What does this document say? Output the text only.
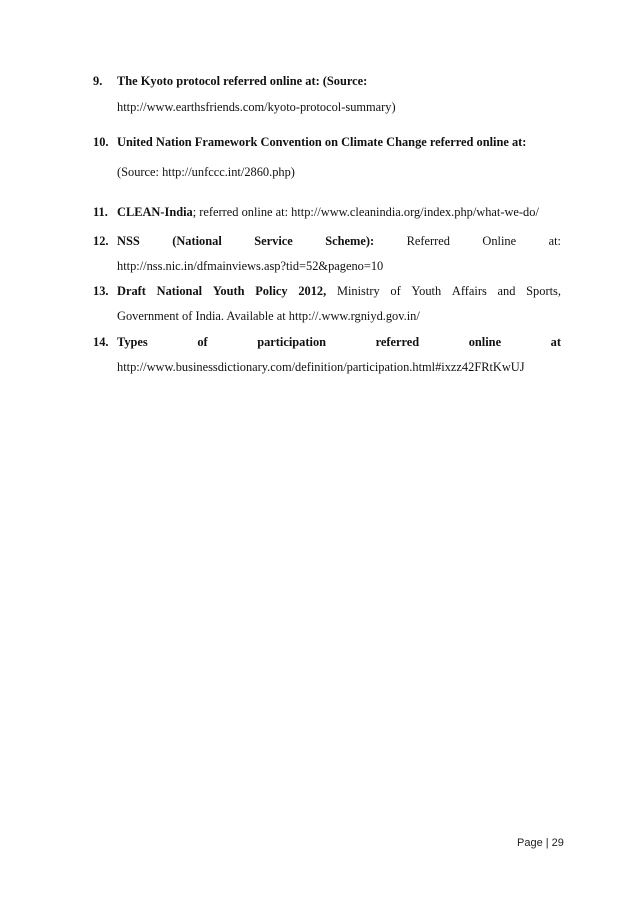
9. The Kyoto protocol referred online at: (Source:
http://www.earthsfriends.com/kyoto-protocol-summary)
10. United Nation Framework Convention on Climate Change referred online at:
(Source: http://unfccc.int/2860.php)
11. CLEAN-India; referred online at: http://www.cleanindia.org/index.php/what-we-do/
12. NSS	(National	Service	Scheme):	Referred	Online	at:
http://nss.nic.in/dfmainviews.asp?tid=52&pageno=10
13. Draft National Youth Policy 2012, Ministry of Youth Affairs and Sports,
Government of India. Available at http://.www.rgniyd.gov.in/
14. Types	of	participation	referred	online	at
http://www.businessdictionary.com/definition/participation.html#ixzz42FRtKwUJ
Page | 29
